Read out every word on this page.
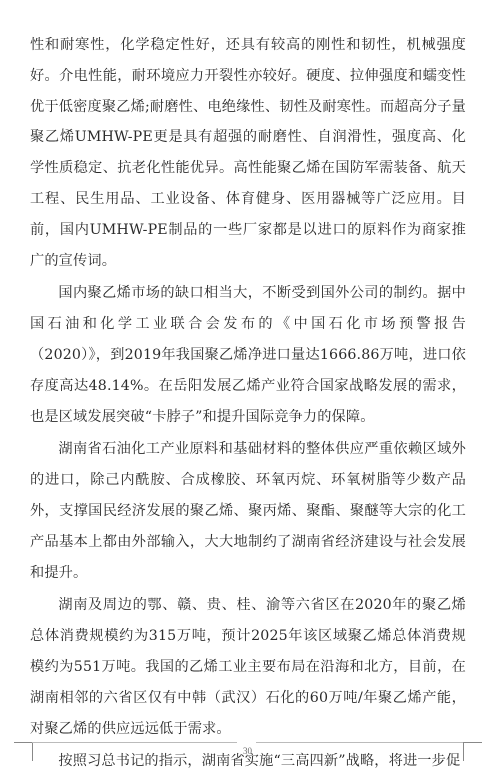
性和耐寒性，化学稳定性好，还具有较高的刚性和韧性，机械强度好。介电性能，耐环境应力开裂性亦较好。硬度、拉伸强度和蠕变性优于低密度聚乙烯;耐磨性、电绝缘性、韧性及耐寒性。而超高分子量聚乙烯UMHW-PE更是具有超强的耐磨性、自润滑性，强度高、化学性质稳定、抗老化性能优异。高性能聚乙烯在国防军需装备、航天工程、民生用品、工业设备、体育健身、医用器械等广泛应用。目前，国内UMHW-PE制品的一些厂家都是以进口的原料作为商家推广的宣传词。

国内聚乙烯市场的缺口相当大，不断受到国外公司的制约。据中国石油和化学工业联合会发布的《中国石化市场预警报告（2020）》，到2019年我国聚乙烯净进口量达1666.86万吨，进口依存度高达48.14%。在岳阳发展乙烯产业符合国家战略发展的需求，也是区域发展突破“卡脖子”和提升国际竞争力的保障。

湖南省石油化工产业原料和基础材料的整体供应严重依赖区域外的进口，除己内酰胺、合成橡胶、环氧丙烷、环氧树脂等少数产品外，支撑国民经济发展的聚乙烯、聚丙烯、聚酯、聚醚等大宗的化工产品基本上都由外部输入，大大地制约了湖南省经济建设与社会发展和提升。

湖南及周边的鄂、赣、贵、桂、渝等六省区在2020年的聚乙烯总体消费规模约为315万吨，预计2025年该区域聚乙烯总体消费规模约为551万吨。我国的乙烯工业主要布局在沿海和北方，目前，在湖南相邻的六省区仅有中韩（武汉）石化的60万吨/年聚乙烯产能，对聚乙烯的供应远远低于需求。

按照习总书记的指示，湖南省实施“三高四新”战略，将进一步促

30
